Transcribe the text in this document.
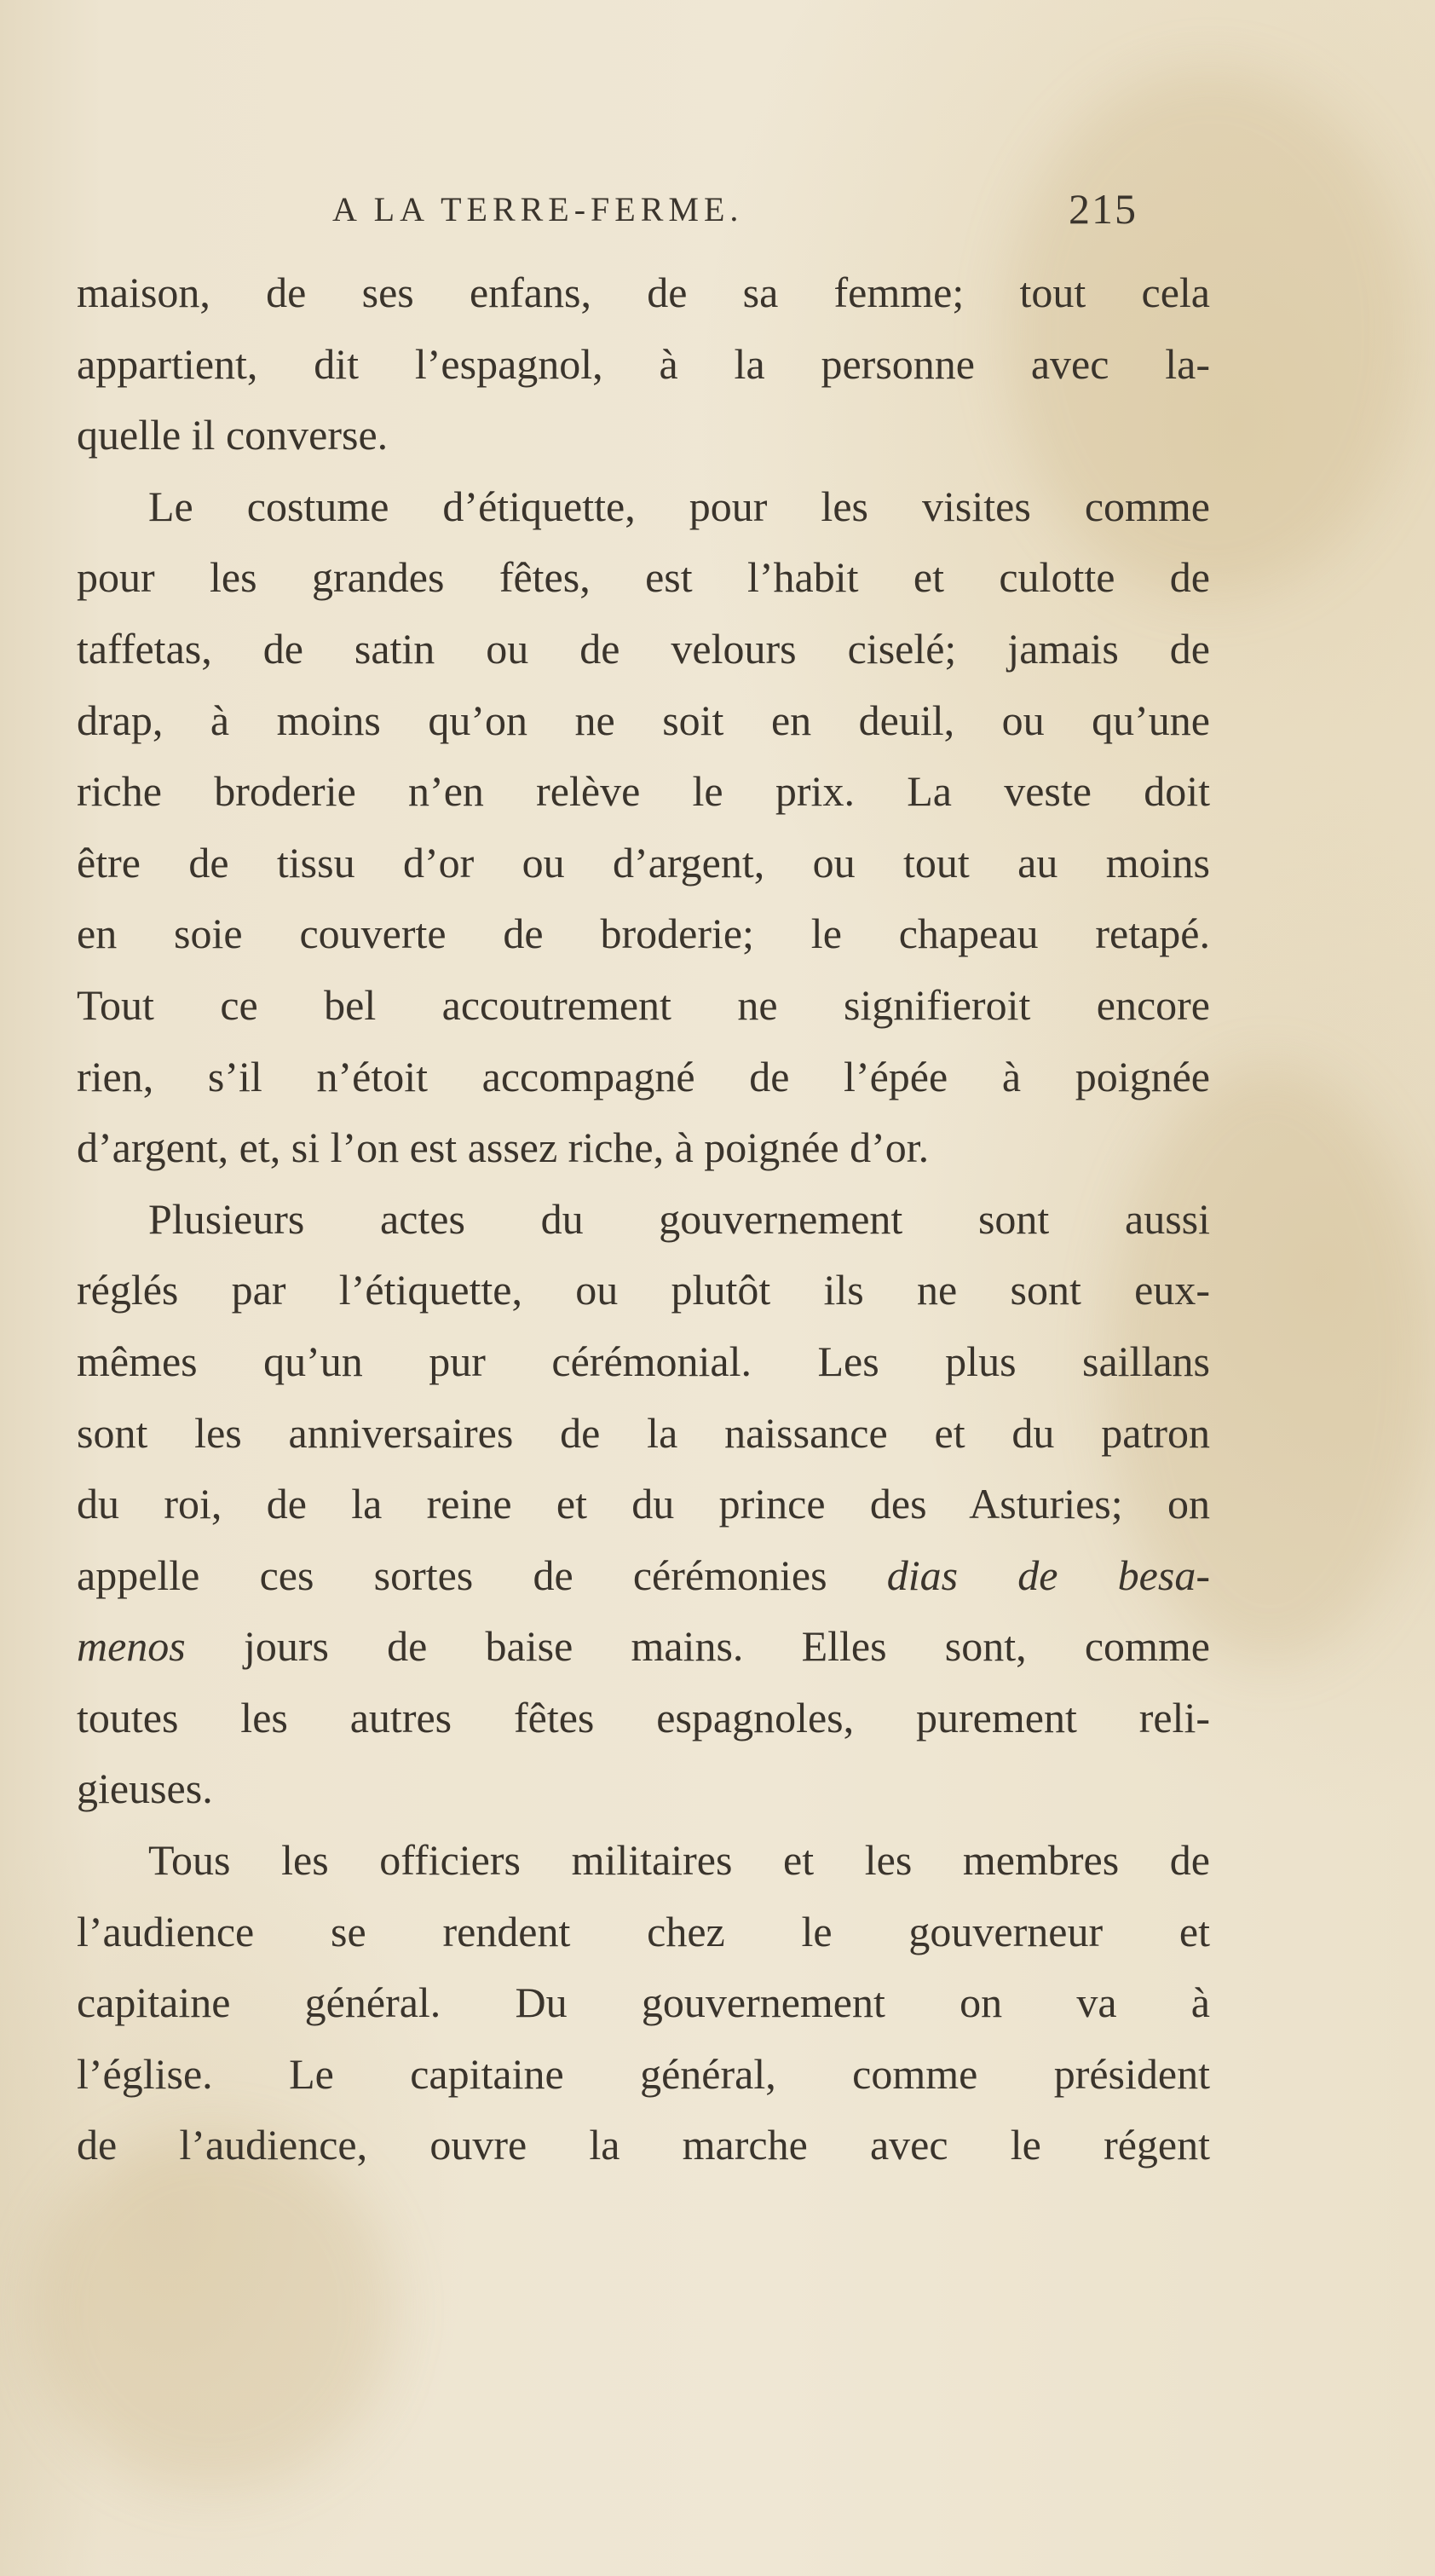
A LA TERRE-FERME.	215
maison, de ses enfans, de sa femme; tout cela
appartient, dit l’espagnol, à la personne avec la-
quelle il converse.
Le costume d’étiquette, pour les visites comme
pour les grandes fêtes, est l’habit et culotte de
taffetas, de satin ou de velours ciselé; jamais de
drap, à moins qu’on ne soit en deuil, ou qu’une
riche broderie n’en relève le prix. La veste doit
être de tissu d’or ou d’argent, ou tout au moins
en soie couverte de broderie; le chapeau retapé.
Tout ce bel accoutrement ne signifieroit encore
rien, s’il n’étoit accompagné de l’épée à poignée
d’argent, et, si l’on est assez riche, à poignée d’or.
Plusieurs actes du gouvernement sont aussi
réglés par l’étiquette, ou plutôt ils ne sont eux-
mêmes qu’un pur cérémonial. Les plus saillans
sont les anniversaires de la naissance et du patron
du roi, de la reine et du prince des Asturies; on
appelle ces sortes de cérémonies dias de besa-
menos jours de baise mains. Elles sont, comme
toutes les autres fêtes espagnoles, purement reli-
gieuses.
Tous les officiers militaires et les membres de
l’audience se rendent chez le gouverneur et
capitaine général. Du gouvernement on va à
l’église. Le capitaine général, comme président
de l’audience, ouvre la marche avec le régent
